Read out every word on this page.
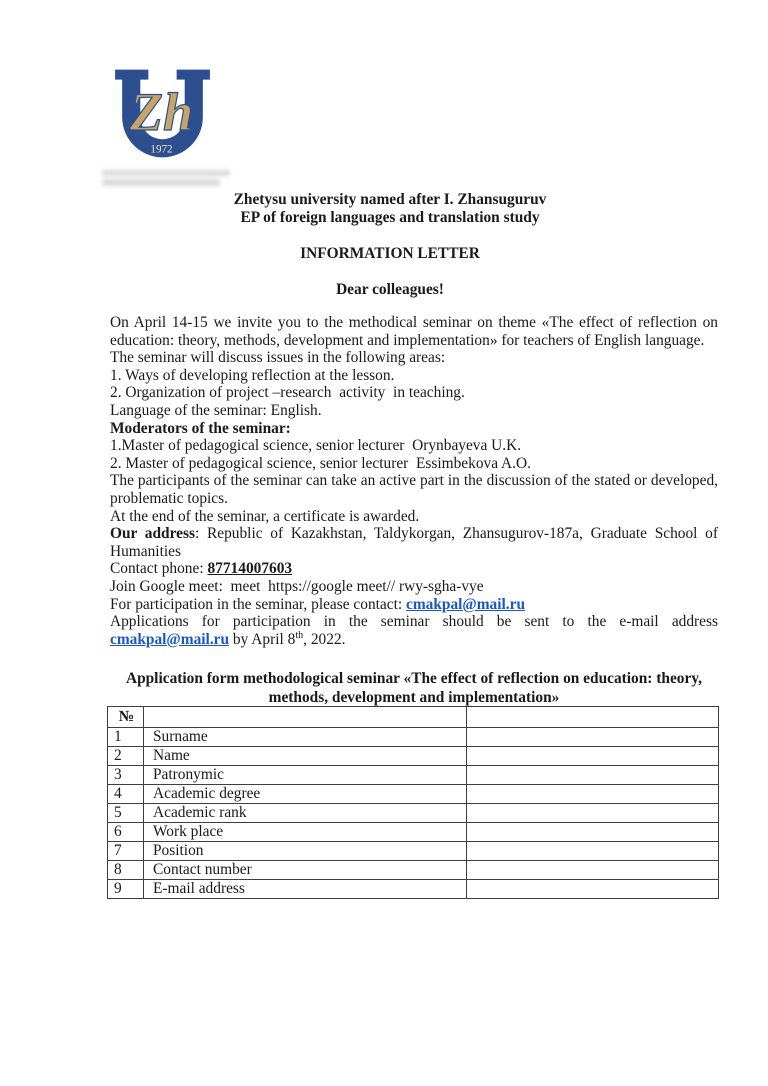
Zh
1972

Zhetysu university named after I. Zhansuguruv

EP of foreign languages and translation study

INFORMATION LETTER

Dear colleagues!

On April 14-15 we invite you to the methodical seminar on theme «The effect of reflection on education: theory, methods, development and implementation» for teachers of English language.

The seminar will discuss issues in the following areas:

1. Ways of developing reflection at the lesson.

2. Organization of project –research  activity  in teaching.

Language of the seminar: English.

Moderators of the seminar:

1.Master of pedagogical science, senior lecturer  Orynbayeva U.K.

2. Master of pedagogical science, senior lecturer  Essimbekova A.O.

The participants of the seminar can take an active part in the discussion of the stated or developed, problematic topics.

At the end of the seminar, a certificate is awarded.

Our address: Republic of Kazakhstan, Taldykorgan, Zhansugurov-187a, Graduate School of Humanities

Contact phone: 87714007603

Join Google meet:  meet  https://google meet// rwy-sgha-vye

For participation in the seminar, please contact: cmakpal@mail.ru

Applications for participation in the seminar should be sent to the e-mail address cmakpal@mail.ru by April 8th, 2022.

Application form methodological seminar «The effect of reflection on education: theory,

methods, development and implementation»

№		
1	Surname	
2	Name	
3	Patronymic	
4	Academic degree	
5	Academic rank	
6	Work place	
7	Position	
8	Contact number	
9	E-mail address	
